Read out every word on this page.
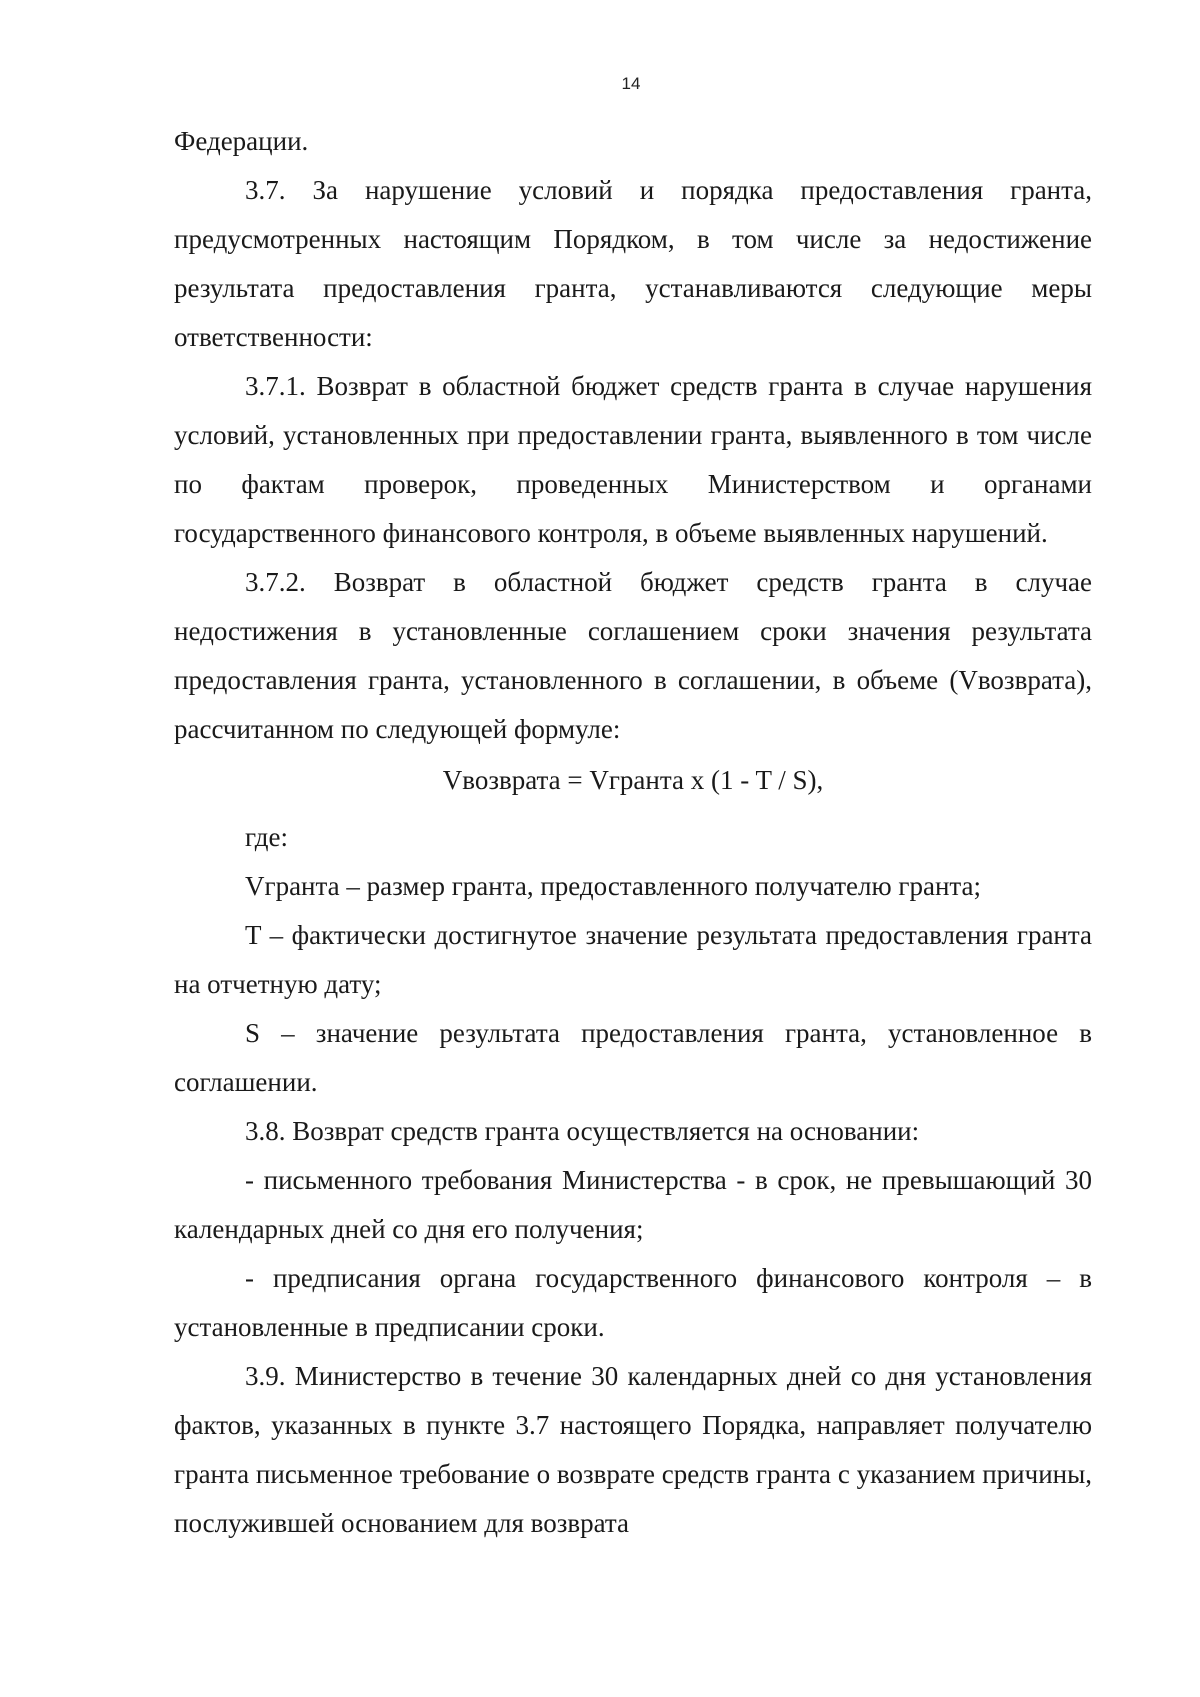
14

Федерации.

3.7. За нарушение условий и порядка предоставления гранта, предусмотренных настоящим Порядком, в том числе за недостижение результата предоставления гранта, устанавливаются следующие меры ответственности:

3.7.1. Возврат в областной бюджет средств гранта в случае нарушения условий, установленных при предоставлении гранта, выявленного в том числе по фактам проверок, проведенных Министерством и органами государственного финансового контроля, в объеме выявленных нарушений.

3.7.2. Возврат в областной бюджет средств гранта в случае недостижения в установленные соглашением сроки значения результата предоставления гранта, установленного в соглашении, в объеме (Vвозврата), рассчитанном по следующей формуле:

Vвозврата = Vгранта x (1 - T / S),

где:

Vгранта – размер гранта, предоставленного получателю гранта;

T – фактически достигнутое значение результата предоставления гранта на отчетную дату;

S – значение результата предоставления гранта, установленное в соглашении.

3.8. Возврат средств гранта осуществляется на основании:

- письменного требования Министерства - в срок, не превышающий 30 календарных дней со дня его получения;

- предписания органа государственного финансового контроля – в установленные в предписании сроки.

3.9. Министерство в течение 30 календарных дней со дня установления фактов, указанных в пункте 3.7 настоящего Порядка, направляет получателю гранта письменное требование о возврате средств гранта с указанием причины, послужившей основанием для возврата
